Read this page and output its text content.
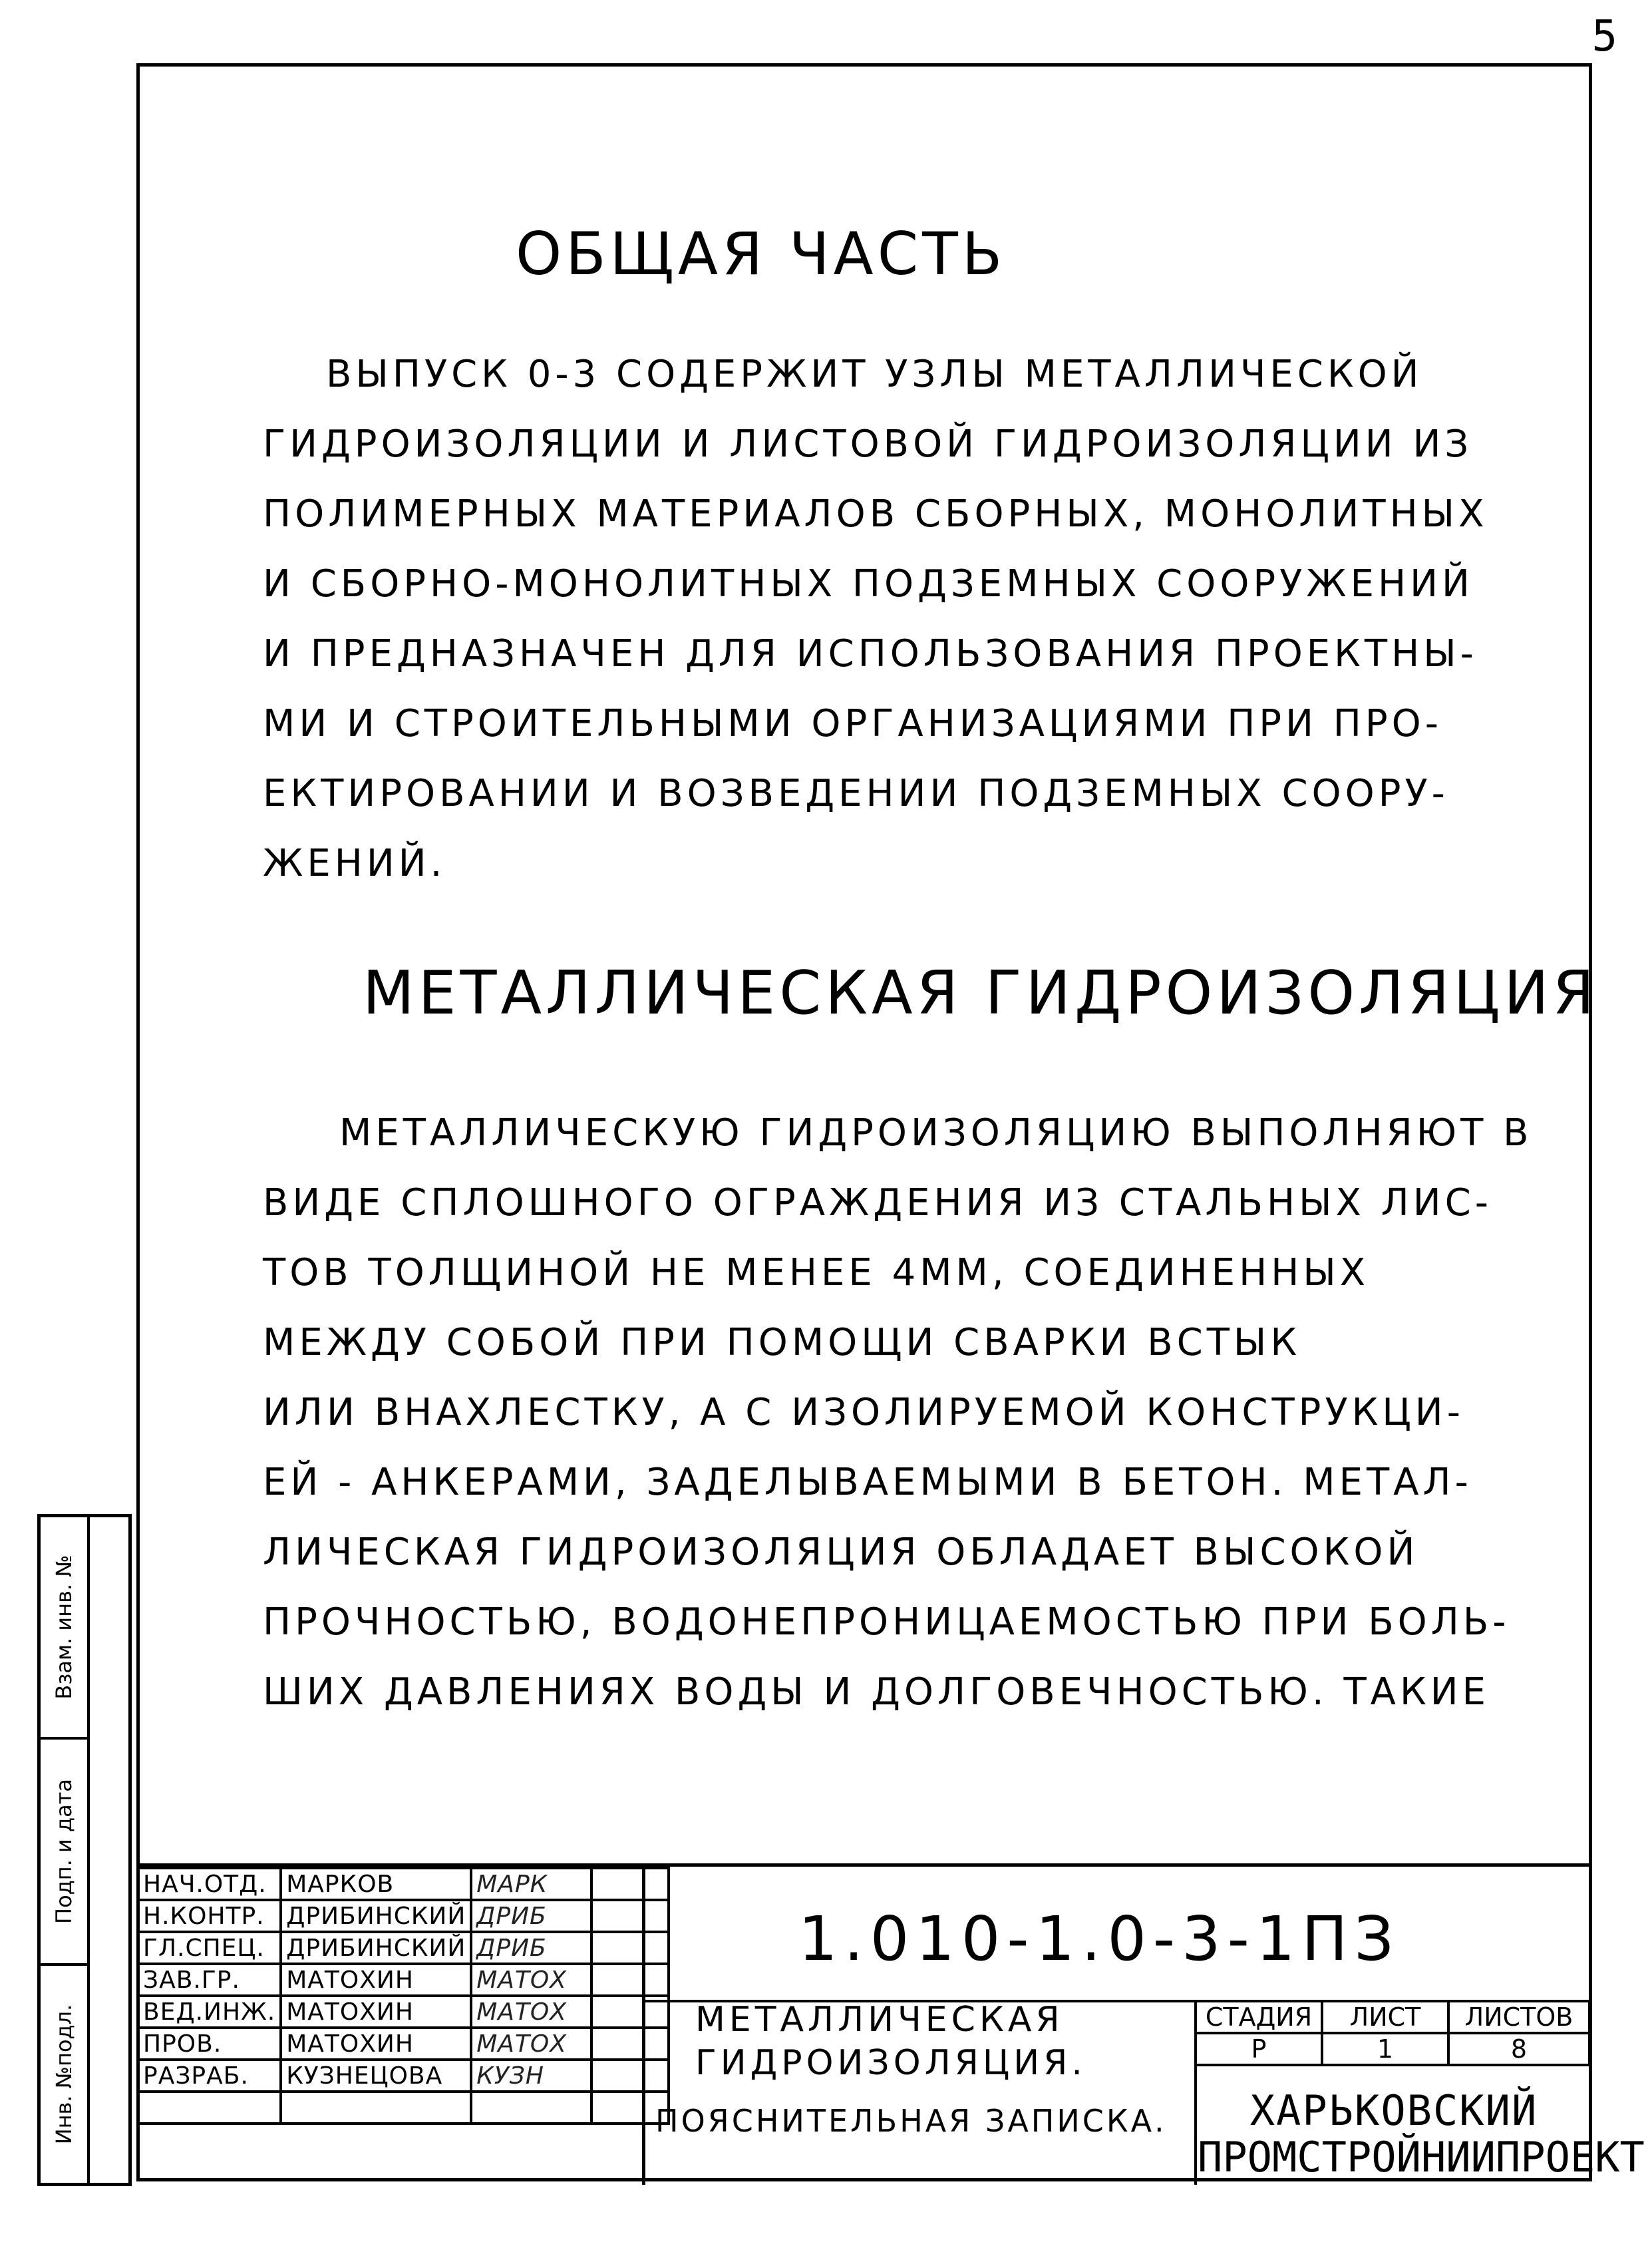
5
ОБЩАЯ ЧАСТЬ
ВЫПУСК 0-3 СОДЕРЖИТ УЗЛЫ МЕТАЛЛИЧЕСКОЙ
ГИДРОИЗОЛЯЦИИ И ЛИСТОВОЙ ГИДРОИЗОЛЯЦИИ ИЗ
ПОЛИМЕРНЫХ МАТЕРИАЛОВ СБОРНЫХ, МОНОЛИТНЫХ
И СБОРНО-МОНОЛИТНЫХ ПОДЗЕМНЫХ СООРУЖЕНИЙ
И ПРЕДНАЗНАЧЕН ДЛЯ ИСПОЛЬЗОВАНИЯ ПРОЕКТНЫ-
МИ И СТРОИТЕЛЬНЫМИ ОРГАНИЗАЦИЯМИ ПРИ ПРО-
ЕКТИРОВАНИИ И ВОЗВЕДЕНИИ ПОДЗЕМНЫХ СООРУ-
ЖЕНИЙ.
МЕТАЛЛИЧЕСКАЯ ГИДРОИЗОЛЯЦИЯ
МЕТАЛЛИЧЕСКУЮ ГИДРОИЗОЛЯЦИЮ ВЫПОЛНЯЮТ В
ВИДЕ СПЛОШНОГО ОГРАЖДЕНИЯ ИЗ СТАЛЬНЫХ ЛИС-
ТОВ ТОЛЩИНОЙ НЕ МЕНЕЕ 4ММ, СОЕДИНЕННЫХ
МЕЖДУ СОБОЙ ПРИ ПОМОЩИ СВАРКИ ВСТЫК
ИЛИ ВНАХЛЕСТКУ, А С ИЗОЛИРУЕМОЙ КОНСТРУКЦИ-
ЕЙ - АНКЕРАМИ, ЗАДЕЛЫВАЕМЫМИ В БЕТОН. МЕТАЛ-
ЛИЧЕСКАЯ ГИДРОИЗОЛЯЦИЯ ОБЛАДАЕТ ВЫСОКОЙ
ПРОЧНОСТЬЮ, ВОДОНЕПРОНИЦАЕМОСТЬЮ ПРИ БОЛЬ-
ШИХ ДАВЛЕНИЯХ ВОДЫ И ДОЛГОВЕЧНОСТЬЮ. ТАКИЕ
Взам. инв. №
Подп. и дата
Инв. №подл.
НАЧ.ОТД.	МАРКОВ	МАРК	
Н.КОНТР.	ДРИБИНСКИЙ	ДРИБ	
ГЛ.СПЕЦ.	ДРИБИНСКИЙ	ДРИБ	
ЗАВ.ГР.	МАТОХИН	МАТОХ	
ВЕД.ИНЖ.	МАТОХИН	МАТОХ	
ПРОВ.	МАТОХИН	МАТОХ	
РАЗРАБ.	КУЗНЕЦОВА	КУЗН	

СТАДИЯ	ЛИСТ	ЛИСТОВ
Р	1	8
1.010-1.0-3-1ПЗ
МЕТАЛЛИЧЕСКАЯ
ГИДРОИЗОЛЯЦИЯ.
ПОЯСНИТЕЛЬНАЯ ЗАПИСКА.	ХАРЬКОВСКИЙ
ПРОМСТРОЙНИИПРОЕКТ
